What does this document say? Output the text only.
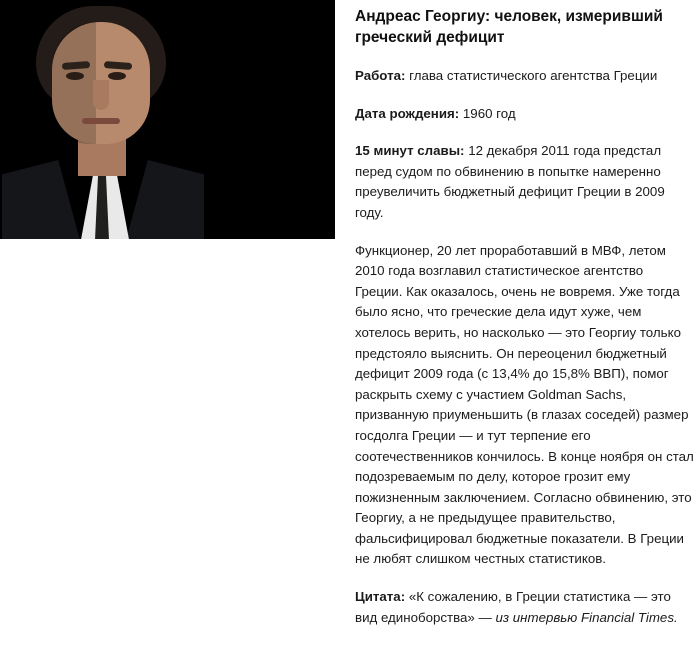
Андреас Георгиу: человек, измеривший греческий дефицит

Работа: глава статистического агентства Греции

Дата рождения: 1960 год

15 минут славы: 12 декабря 2011 года предстал перед судом по обвинению в попытке намеренно преувеличить бюджетный дефицит Греции в 2009 году.

Функционер, 20 лет проработавший в МВФ, летом 2010 года возглавил статистическое агентство Греции. Как оказалось, очень не вовремя. Уже тогда было ясно, что греческие дела идут хуже, чем хотелось верить, но насколько — это Георгиу только предстояло выяснить. Он переоценил бюджетный дефицит 2009 года (с 13,4% до 15,8% ВВП), помог раскрыть схему с участием Goldman Sachs, призванную приуменьшить (в глазах соседей) размер госдолга Греции — и тут терпение его соотечественников кончилось. В конце ноября он стал подозреваемым по делу, которое грозит ему пожизненным заключением. Согласно обвинению, это Георгиу, а не предыдущее правительство, фальсифицировал бюджетные показатели. В Греции не любят слишком честных статистиков.

Цитата: «К сожалению, в Греции статистика — это вид единоборства» — из интервью Financial Times.
